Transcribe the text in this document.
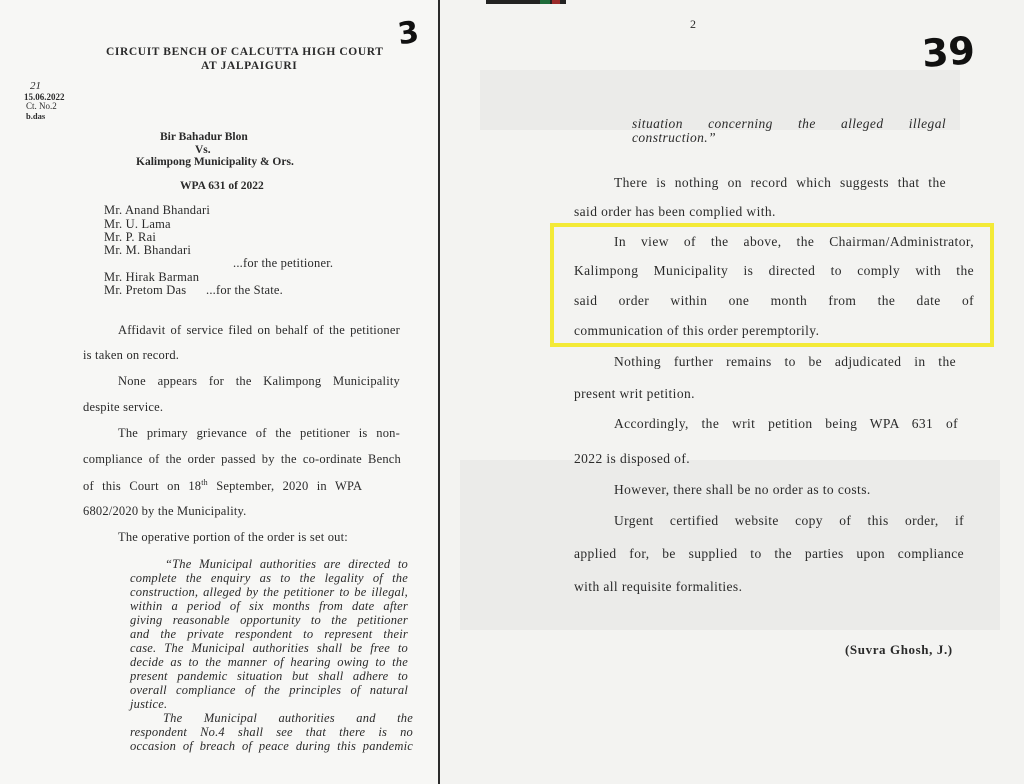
CIRCUIT BENCH OF CALCUTTA HIGH COURT
AT JALPAIGURI
3
21
15.06.2022
Ct. No.2
b.das
Bir Bahadur Blon
Vs.
Kalimpong Municipality & Ors.
WPA 631 of 2022
Mr. Anand Bhandari
Mr. U. Lama
Mr. P. Rai
Mr. M. Bhandari
...for the petitioner.
Mr. Hirak Barman
Mr. Pretom Das ...for the State.
Affidavit of service filed on behalf of the petitioner
is taken on record.
None appears for the Kalimpong Municipality
despite service.
The primary grievance of the petitioner is non-
compliance of the order passed by the co-ordinate Bench
of this Court on 18th September, 2020 in WPA
6802/2020 by the Municipality.
The operative portion of the order is set out:
“The Municipal authorities are directed to
complete the enquiry as to the legality of the
construction, alleged by the petitioner to be illegal,
within a period of six months from date after
giving reasonable opportunity to the petitioner
and the private respondent to represent their
case. The Municipal authorities shall be free to
decide as to the manner of hearing owing to the
present pandemic situation but shall adhere to
overall compliance of the principles of natural
justice.
The Municipal authorities and the
respondent No.4 shall see that there is no
occasion of breach of peace during this pandemic
2
39
situation concerning the alleged illegal
construction.”
There is nothing on record which suggests that the
said order has been complied with.
In view of the above, the Chairman/Administrator,
Kalimpong Municipality is directed to comply with the
said order within one month from the date of
communication of this order peremptorily.
Nothing further remains to be adjudicated in the
present writ petition.
Accordingly, the writ petition being WPA 631 of
2022 is disposed of.
However, there shall be no order as to costs.
Urgent certified website copy of this order, if
applied for, be supplied to the parties upon compliance
with all requisite formalities.
(Suvra Ghosh, J.)
